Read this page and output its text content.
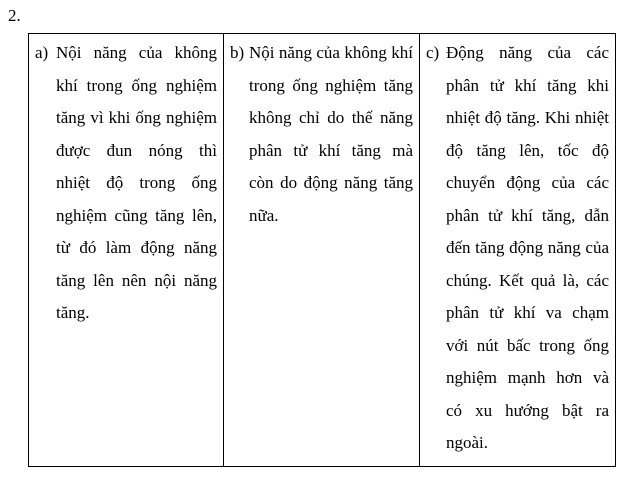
2.
a) Nội năng của không khí trong ống nghiệm tăng vì khi ống nghiệm được đun nóng thì nhiệt độ trong ống nghiệm cũng tăng lên, từ đó làm động năng tăng lên nên nội năng tăng.

b) Nội năng của không khí trong ống nghiệm tăng không chỉ do thế năng phân tử khí tăng mà còn do động năng tăng nữa.

c) Động năng của các phân tử khí tăng khi nhiệt độ tăng. Khi nhiệt độ tăng lên, tốc độ chuyển động của các phân tử khí tăng, dẫn đến tăng động năng của chúng. Kết quả là, các phân tử khí va chạm với nút bấc trong ống nghiệm mạnh hơn và có xu hướng bật ra ngoài.
